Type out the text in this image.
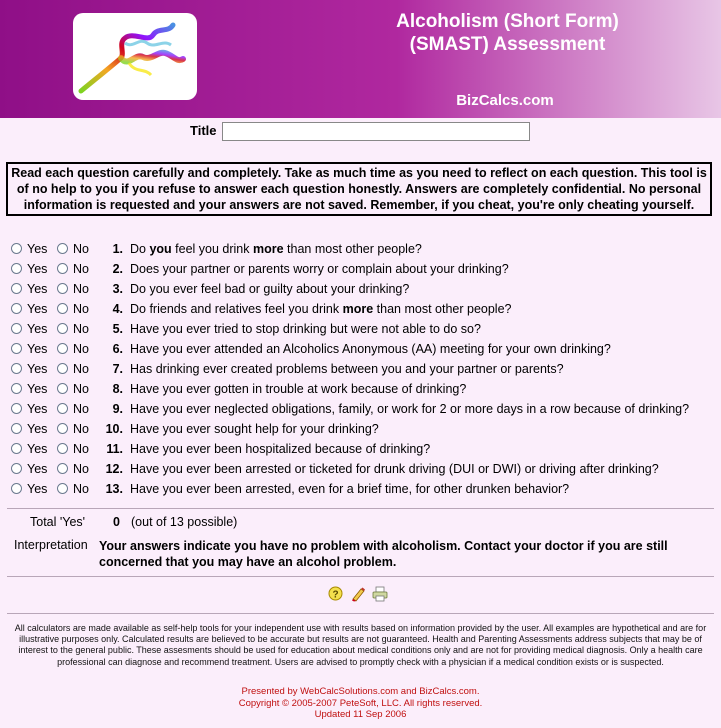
Alcoholism (Short Form)
(SMAST) Assessment
BizCalcs.com
Title
Read each question carefully and completely. Take as much time as you need to reflect on each question. This tool is of no help to you if you refuse to answer each question honestly. Answers are completely confidential. No personal information is requested and your answers are not saved. Remember, if you cheat, you're only cheating yourself.
Yes No	1. Do you feel you drink more than most other people?
Yes No	2. Does your partner or parents worry or complain about your drinking?
Yes No	3. Do you ever feel bad or guilty about your drinking?
Yes No	4. Do friends and relatives feel you drink more than most other people?
Yes No	5. Have you ever tried to stop drinking but were not able to do so?
Yes No	6. Have you ever attended an Alcoholics Anonymous (AA) meeting for your own drinking?
Yes No	7. Has drinking ever created problems between you and your partner or parents?
Yes No	8. Have you ever gotten in trouble at work because of drinking?
Yes No	9. Have you ever neglected obligations, family, or work for 2 or more days in a row because of drinking?
Yes No	10. Have you ever sought help for your drinking?
Yes No	11. Have you ever been hospitalized because of drinking?
Yes No	12. Have you ever been arrested or ticketed for drunk driving (DUI or DWI) or driving after drinking?
Yes No	13. Have you ever been arrested, even for a brief time, for other drunken behavior?
Total 'Yes' 0 (out of 13 possible)
Interpretation Your answers indicate you have no problem with alcoholism. Contact your doctor if you are still concerned that you may have an alcohol problem.
?
All calculators are made available as self-help tools for your independent use with results based on information provided by the user. All examples are hypothetical and are for illustrative purposes only. Calculated results are believed to be accurate but results are not guaranteed. Health and Parenting Assessments address subjects that may be of interest to the general public. These assesments should be used for education about medical conditions only and are not for providing medical diagnosis. Only a health care professional can diagnose and recommend treatment. Users are advised to promptly check with a physician if a medical condition exists or is suspected.
Presented by WebCalcSolutions.com and BizCalcs.com.
Copyright © 2005-2007 PeteSoft, LLC. All rights reserved.
Updated 11 Sep 2006
